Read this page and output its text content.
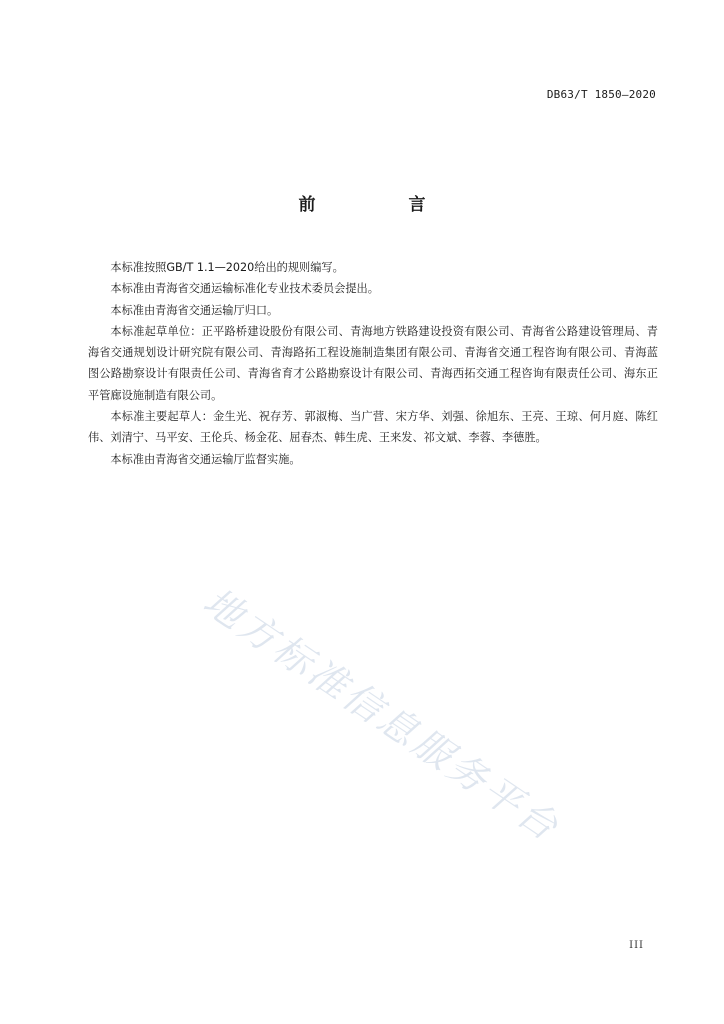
DB63/T 1850—2020
前　言

本标准按照GB/T 1.1—2020给出的规则编写。

本标准由青海省交通运输标准化专业技术委员会提出。

本标准由青海省交通运输厅归口。

本标准起草单位：正平路桥建设股份有限公司、青海地方铁路建设投资有限公司、青海省公路建设管理局、青海省交通规划设计研究院有限公司、青海路拓工程设施制造集团有限公司、青海省交通工程咨询有限公司、青海蓝图公路勘察设计有限责任公司、青海省育才公路勘察设计有限公司、青海西拓交通工程咨询有限责任公司、海东正平管廊设施制造有限公司。

本标准主要起草人：金生光、祝存芳、郭淑梅、当广营、宋方华、刘强、徐旭东、王亮、王琼、何月庭、陈红伟、刘清宁、马平安、王伦兵、杨金花、屈春杰、韩生虎、王来发、祁文斌、李蓉、李德胜。

本标准由青海省交通运输厅监督实施。

地方标准信息服务平台
III
